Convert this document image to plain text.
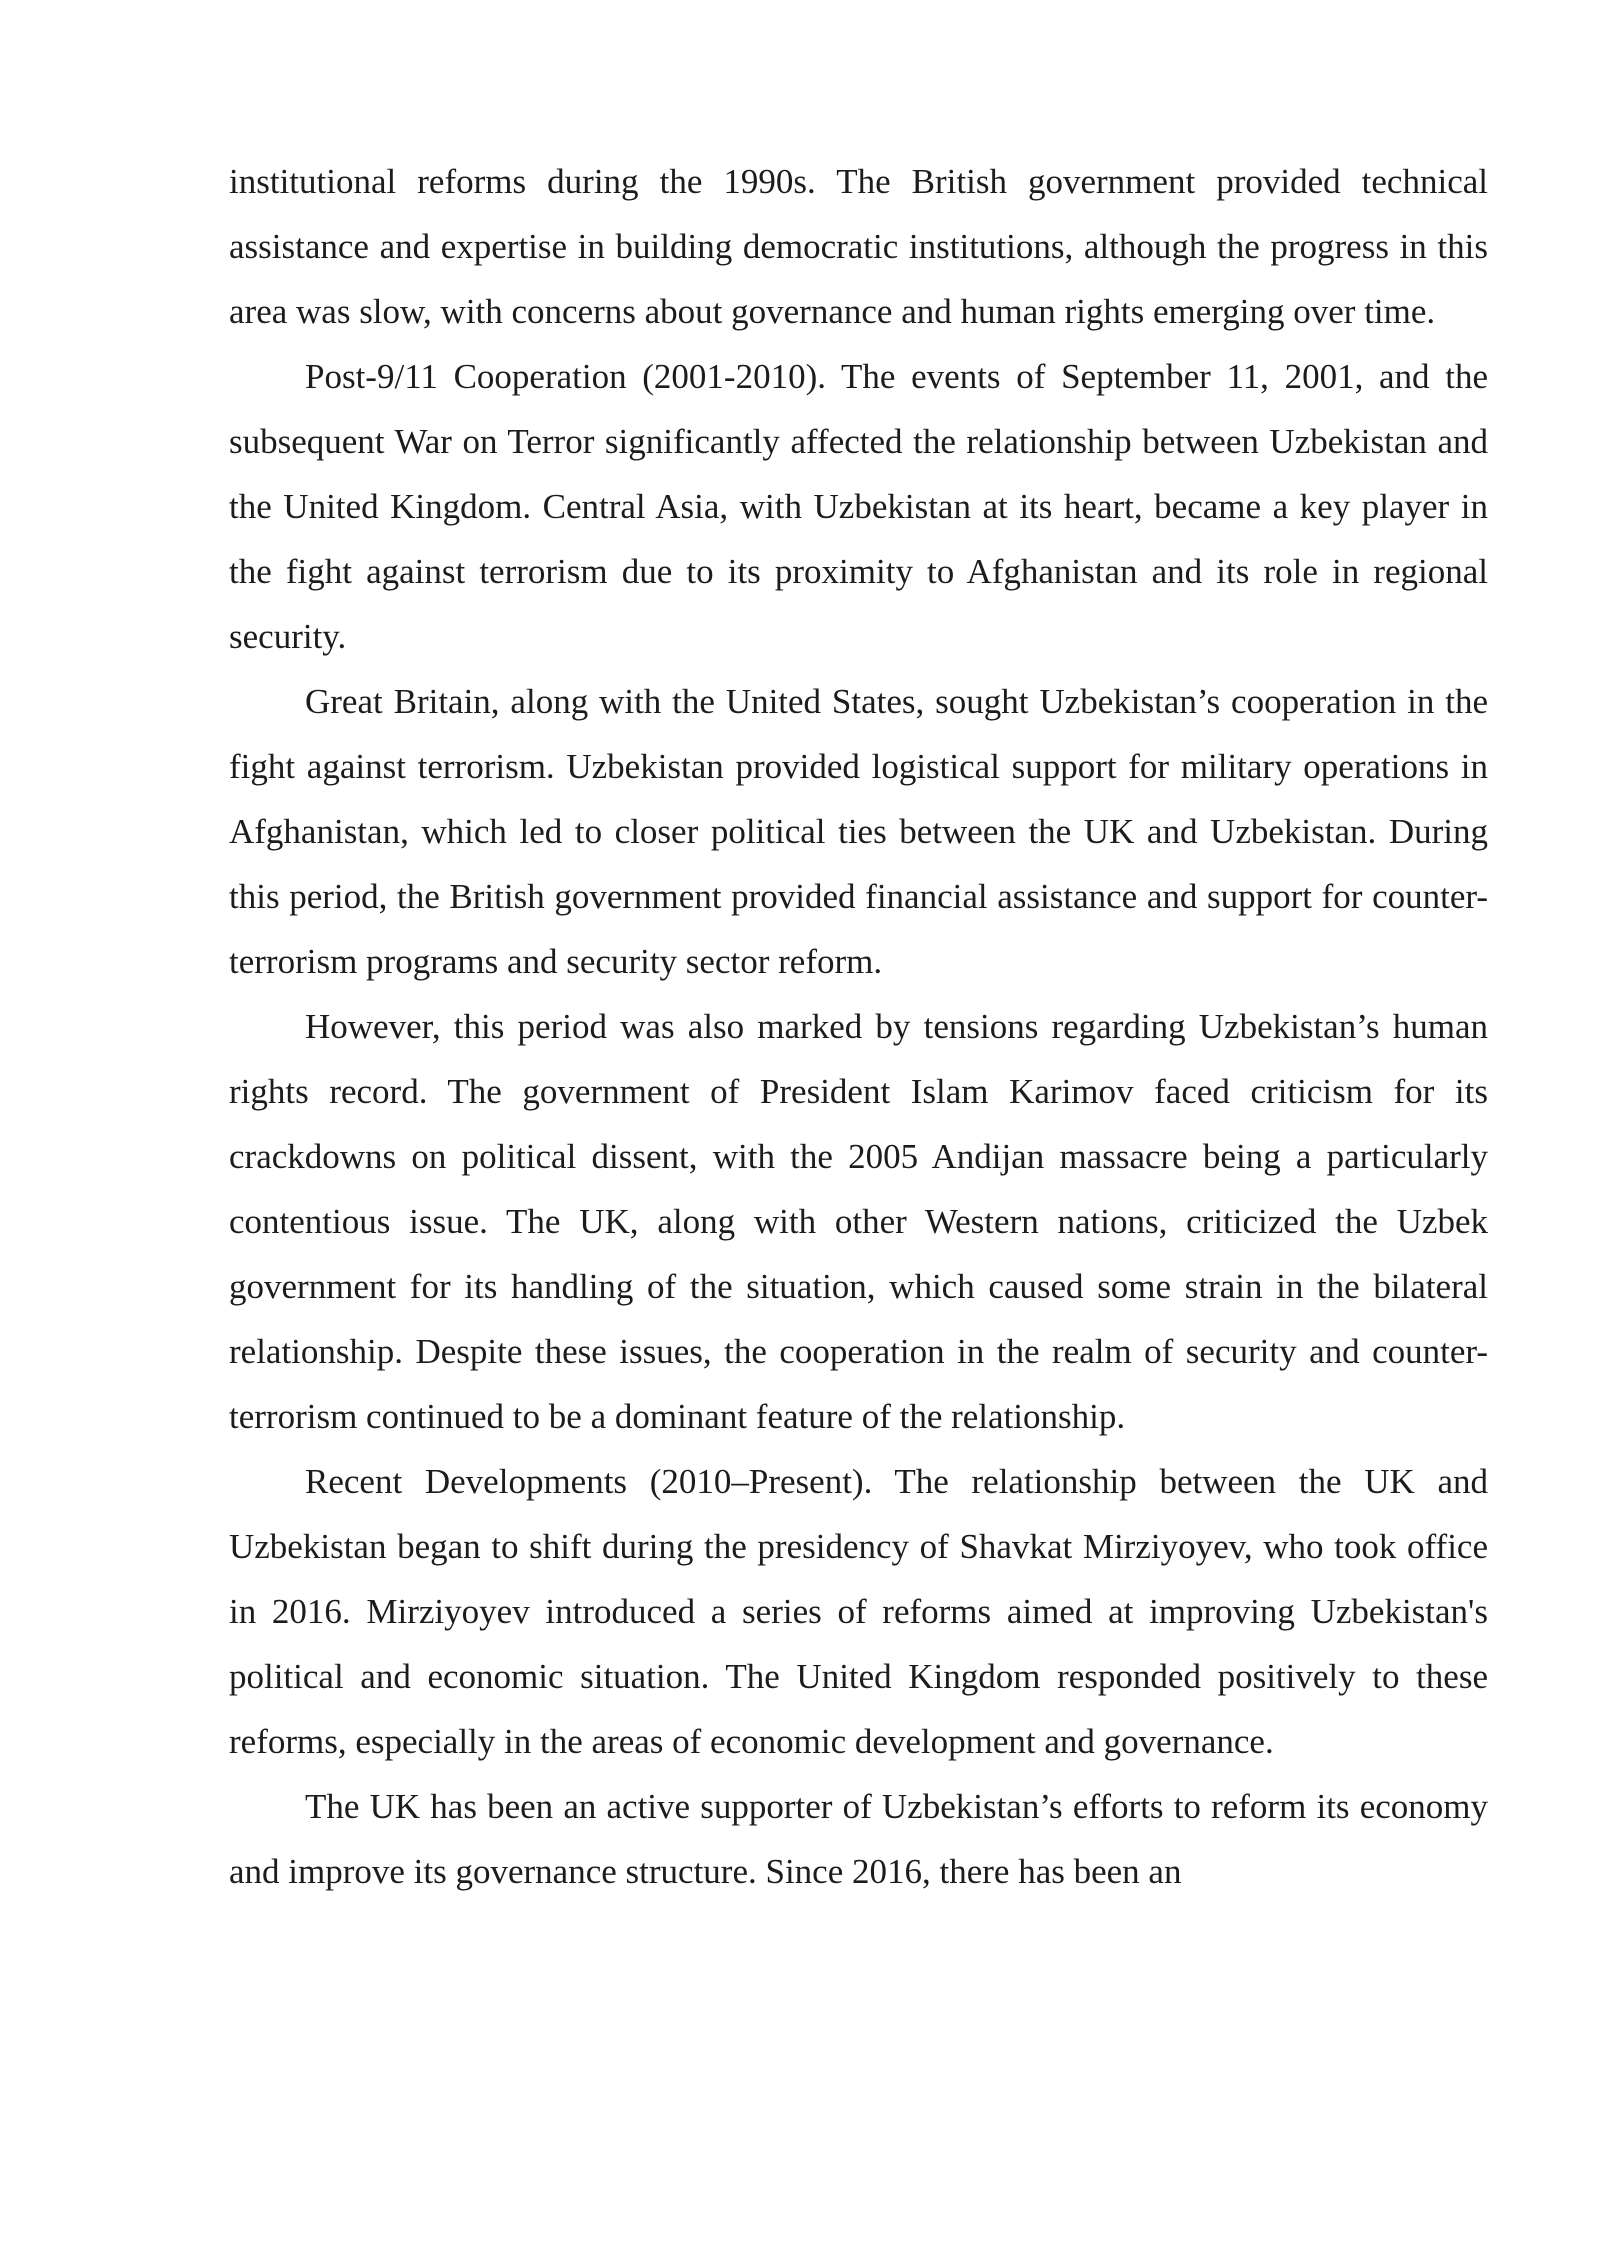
institutional reforms during the 1990s. The British government provided technical assistance and expertise in building democratic institutions, although the progress in this area was slow, with concerns about governance and human rights emerging over time.

Post-9/11 Cooperation (2001-2010). The events of September 11, 2001, and the subsequent War on Terror significantly affected the relationship between Uzbekistan and the United Kingdom. Central Asia, with Uzbekistan at its heart, became a key player in the fight against terrorism due to its proximity to Afghanistan and its role in regional security.

Great Britain, along with the United States, sought Uzbekistan’s cooperation in the fight against terrorism. Uzbekistan provided logistical support for military operations in Afghanistan, which led to closer political ties between the UK and Uzbekistan. During this period, the British government provided financial assistance and support for counter-terrorism programs and security sector reform.

However, this period was also marked by tensions regarding Uzbekistan’s human rights record. The government of President Islam Karimov faced criticism for its crackdowns on political dissent, with the 2005 Andijan massacre being a particularly contentious issue. The UK, along with other Western nations, criticized the Uzbek government for its handling of the situation, which caused some strain in the bilateral relationship. Despite these issues, the cooperation in the realm of security and counter-terrorism continued to be a dominant feature of the relationship.

Recent Developments (2010–Present). The relationship between the UK and Uzbekistan began to shift during the presidency of Shavkat Mirziyoyev, who took office in 2016. Mirziyoyev introduced a series of reforms aimed at improving Uzbekistan's political and economic situation. The United Kingdom responded positively to these reforms, especially in the areas of economic development and governance.

The UK has been an active supporter of Uzbekistan’s efforts to reform its economy and improve its governance structure. Since 2016, there has been an
